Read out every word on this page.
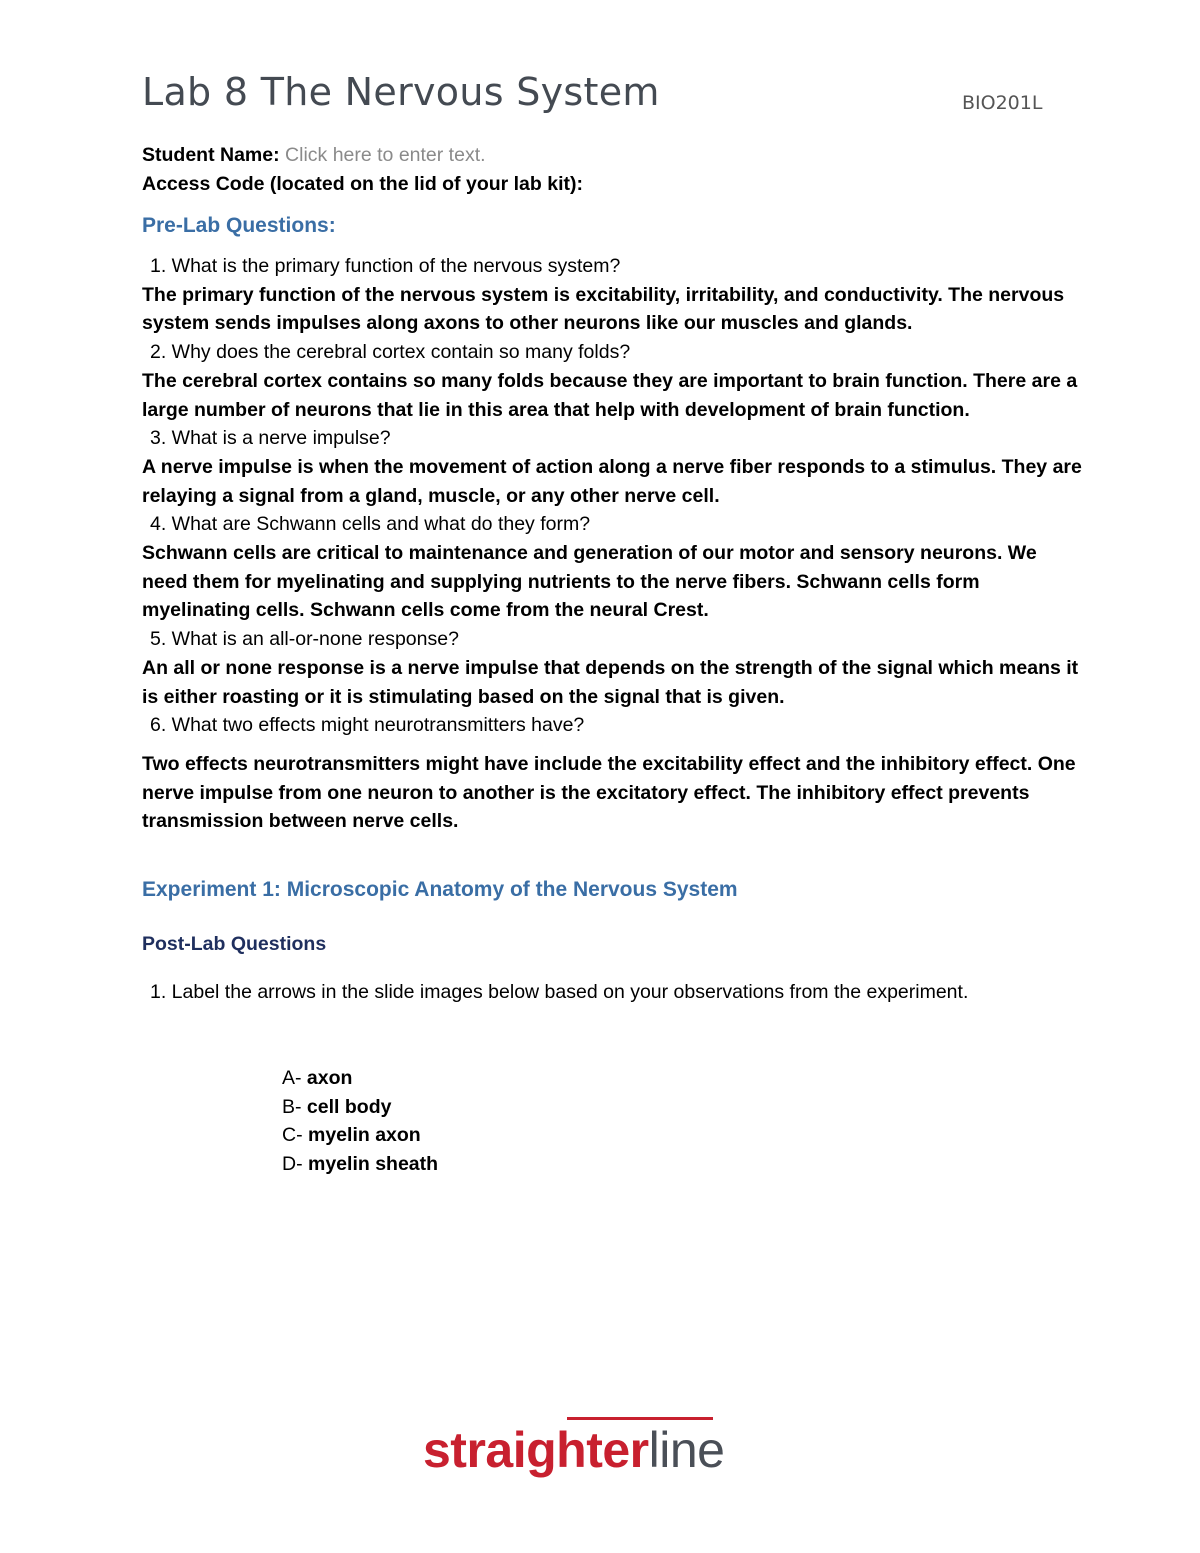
Lab 8 The Nervous System	BIO201L
Student Name: Click here to enter text.
Access Code (located on the lid of your lab kit):
Pre-Lab Questions:
1. What is the primary function of the nervous system?
The primary function of the nervous system is excitability, irritability, and conductivity. The nervous system sends impulses along axons to other neurons like our muscles and glands.
2. Why does the cerebral cortex contain so many folds?
The cerebral cortex contains so many folds because they are important to brain function. There are a large number of neurons that lie in this area that help with development of brain function.
3. What is a nerve impulse?
A nerve impulse is when the movement of action along a nerve fiber responds to a stimulus. They are relaying a signal from a gland, muscle, or any other nerve cell.
4. What are Schwann cells and what do they form?
Schwann cells are critical to maintenance and generation of our motor and sensory neurons. We need them for myelinating and supplying nutrients to the nerve fibers. Schwann cells form myelinating cells. Schwann cells come from the neural Crest.
5. What is an all-or-none response?
An all or none response is a nerve impulse that depends on the strength of the signal which means it is either roasting or it is stimulating based on the signal that is given.
6. What two effects might neurotransmitters have?
Two effects neurotransmitters might have include the excitability effect and the inhibitory effect. One nerve impulse from one neuron to another is the excitatory effect. The inhibitory effect prevents transmission between nerve cells.
Experiment 1: Microscopic Anatomy of the Nervous System
Post-Lab Questions
1. Label the arrows in the slide images below based on your observations from the experiment.
A- axon
B- cell body
C- myelin axon
D- myelin sheath
straighterline
